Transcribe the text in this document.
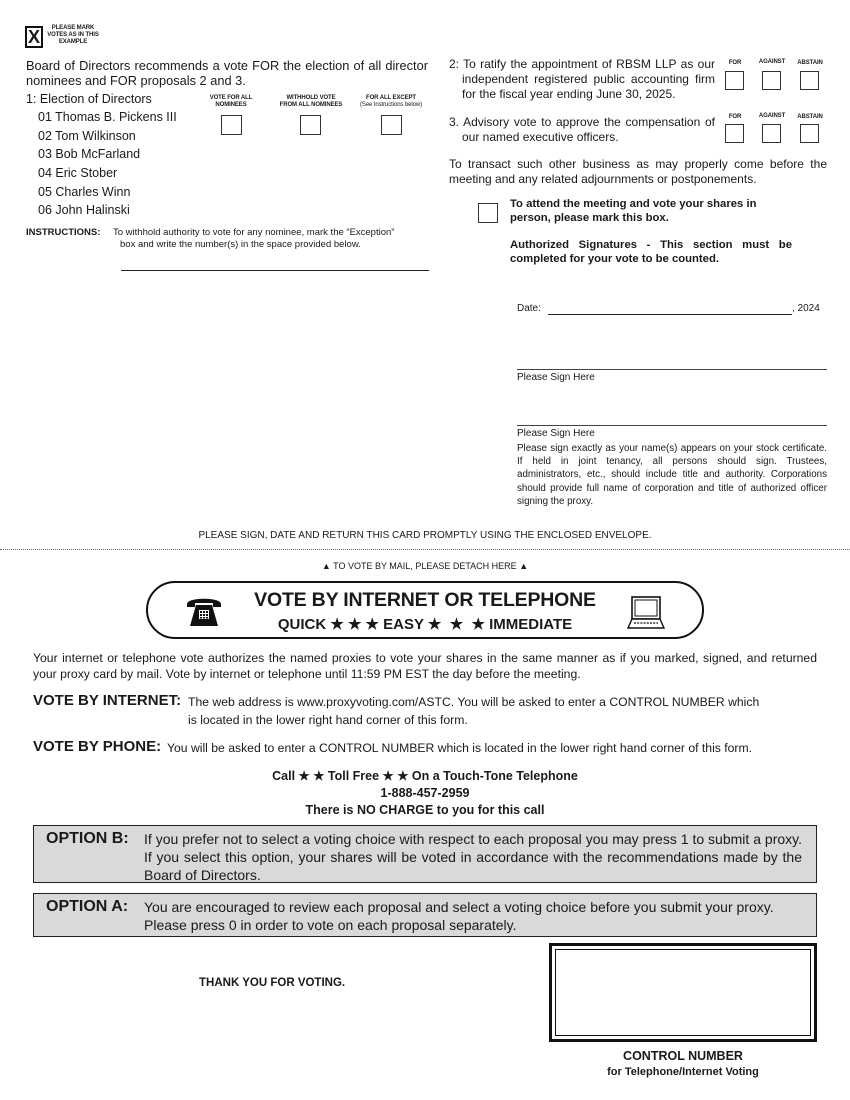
X	PLEASE MARK VOTES AS IN THIS EXAMPLE
Board of Directors recommends a vote FOR the election of all director nominees and FOR proposals 2 and 3.
1: Election of Directors	VOTE FOR ALL
NOMINEES
WITHHOLD VOTE
FROM ALL NOMINEES
FOR ALL EXCEPT
(See Instructions below)
01 Thomas B. Pickens III
02 Tom Wilkinson
03 Bob McFarland
04 Eric Stober
05 Charles Winn
06 John Halinski
INSTRUCTIONS: To withhold authority to vote for any nominee, mark the “Exception”
box and write the number(s) in the space provided below.
2: To ratify the appointment of RBSM LLP as our independent registered public accounting firm for the fiscal year ending June 30, 2025.
FOR	AGAINST	ABSTAIN
3. Advisory vote to approve the compensation of our named executive officers.
FOR	AGAINST	ABSTAIN
To transact such other business as may properly come before the meeting and any related adjournments or postponements.
To attend the meeting and vote your shares in person, please mark this box.
Authorized Signatures - This section must be completed for your vote to be counted.
Date:	, 2024
Please Sign Here
Please Sign Here
Please sign exactly as your name(s) appears on your stock certificate. If held in joint tenancy, all persons should sign. Trustees, administrators, etc., should include title and authority. Corporations should provide full name of corporation and title of authorized officer signing the proxy.
PLEASE SIGN, DATE AND RETURN THIS CARD PROMPTLY USING THE ENCLOSED ENVELOPE.
▲ TO VOTE BY MAIL, PLEASE DETACH HERE ▲
VOTE BY INTERNET OR TELEPHONE
QUICK ★ ★ ★ EASY ★  ★  ★ IMMEDIATE
Your internet or telephone vote authorizes the named proxies to vote your shares in the same manner as if you marked, signed, and returned your proxy card by mail. Vote by internet or telephone until 11:59 PM EST the day before the meeting.
VOTE BY INTERNET: The web address is www.proxyvoting.com/ASTC. You will be asked to enter a CONTROL NUMBER which
is located in the lower right hand corner of this form.
VOTE BY PHONE: You will be asked to enter a CONTROL NUMBER which is located in the lower right hand corner of this form.
Call ★ ★ Toll Free ★ ★ On a Touch-Tone Telephone
1-888-457-2959
There is NO CHARGE to you for this call
OPTION B: If you prefer not to select a voting choice with respect to each proposal you may press 1 to submit a proxy. If you select this option, your shares will be voted in accordance with the recommendations made by the Board of Directors.
OPTION A: You are encouraged to review each proposal and select a voting choice before you submit your proxy. Please press 0 in order to vote on each proposal separately.
THANK YOU FOR VOTING.
CONTROL NUMBER
for Telephone/Internet Voting
